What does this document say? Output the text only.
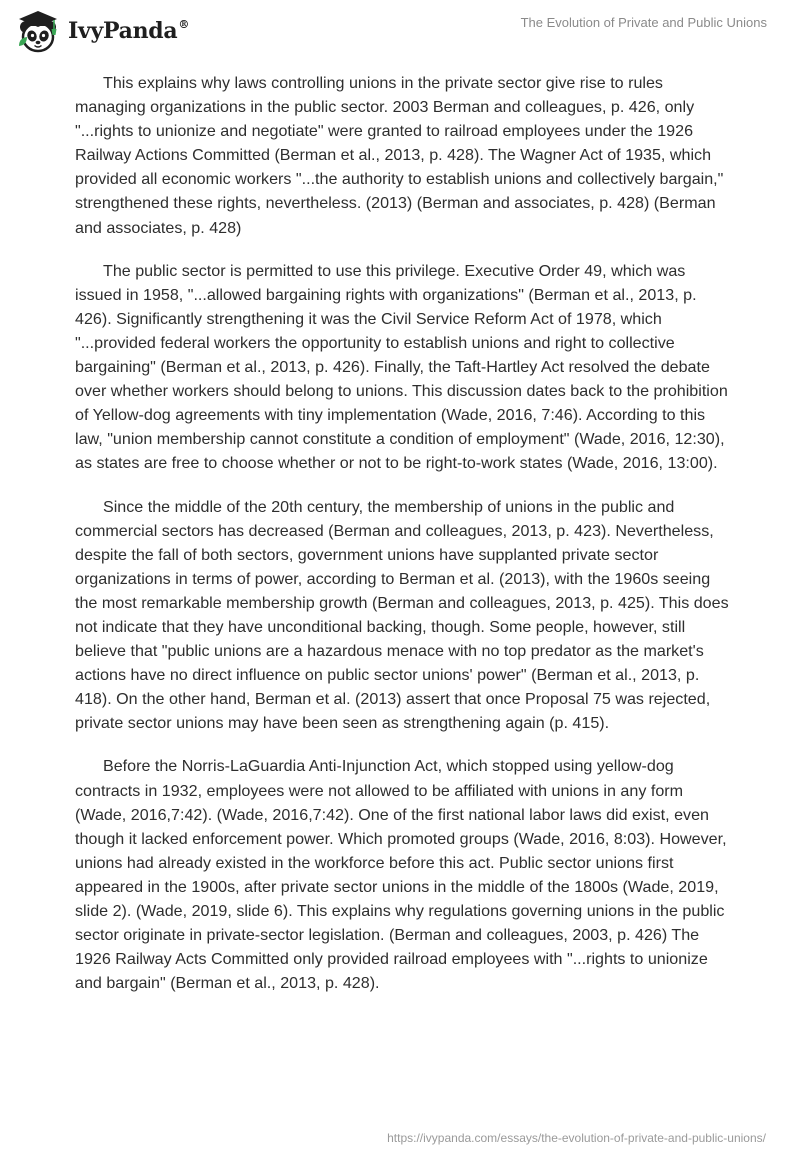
IvyPanda®	The Evolution of Private and Public Unions

This explains why laws controlling unions in the private sector give rise to rules managing organizations in the public sector. 2003 Berman and colleagues, p. 426, only "...rights to unionize and negotiate" were granted to railroad employees under the 1926 Railway Actions Committed (Berman et al., 2013, p. 428). The Wagner Act of 1935, which provided all economic workers "...the authority to establish unions and collectively bargain," strengthened these rights, nevertheless. (2013) (Berman and associates, p. 428) (Berman and associates, p. 428)

The public sector is permitted to use this privilege. Executive Order 49, which was issued in 1958, "...allowed bargaining rights with organizations" (Berman et al., 2013, p. 426). Significantly strengthening it was the Civil Service Reform Act of 1978, which "...provided federal workers the opportunity to establish unions and right to collective bargaining" (Berman et al., 2013, p. 426). Finally, the Taft-Hartley Act resolved the debate over whether workers should belong to unions. This discussion dates back to the prohibition of Yellow-dog agreements with tiny implementation (Wade, 2016, 7:46). According to this law, "union membership cannot constitute a condition of employment" (Wade, 2016, 12:30), as states are free to choose whether or not to be right-to-work states (Wade, 2016, 13:00).

Since the middle of the 20th century, the membership of unions in the public and commercial sectors has decreased (Berman and colleagues, 2013, p. 423). Nevertheless, despite the fall of both sectors, government unions have supplanted private sector organizations in terms of power, according to Berman et al. (2013), with the 1960s seeing the most remarkable membership growth (Berman and colleagues, 2013, p. 425). This does not indicate that they have unconditional backing, though. Some people, however, still believe that "public unions are a hazardous menace with no top predator as the market's actions have no direct influence on public sector unions' power" (Berman et al., 2013, p. 418). On the other hand, Berman et al. (2013) assert that once Proposal 75 was rejected, private sector unions may have been seen as strengthening again (p. 415).

Before the Norris-LaGuardia Anti-Injunction Act, which stopped using yellow-dog contracts in 1932, employees were not allowed to be affiliated with unions in any form (Wade, 2016,7:42). (Wade, 2016,7:42). One of the first national labor laws did exist, even though it lacked enforcement power. Which promoted groups (Wade, 2016, 8:03). However, unions had already existed in the workforce before this act. Public sector unions first appeared in the 1900s, after private sector unions in the middle of the 1800s (Wade, 2019, slide 2). (Wade, 2019, slide 6). This explains why regulations governing unions in the public sector originate in private-sector legislation. (Berman and colleagues, 2003, p. 426) The 1926 Railway Acts Committed only provided railroad employees with "...rights to unionize and bargain" (Berman et al., 2013, p. 428).

https://ivypanda.com/essays/the-evolution-of-private-and-public-unions/
